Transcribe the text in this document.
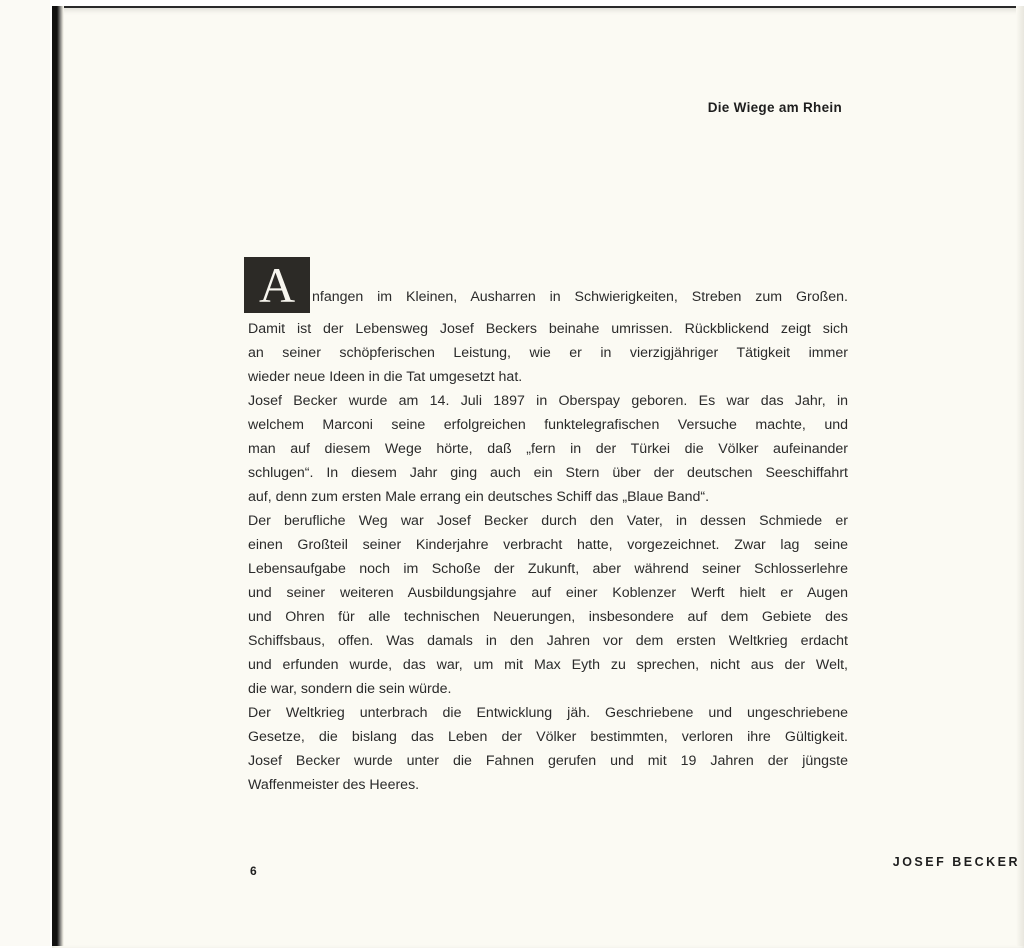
Die Wiege am Rhein
A	nfangen im Kleinen, Ausharren in Schwierigkeiten, Streben zum Großen.
Damit ist der Lebensweg Josef Beckers beinahe umrissen. Rückblickend zeigt sich
an seiner schöpferischen Leistung, wie er in vierzigjähriger Tätigkeit immer
wieder neue Ideen in die Tat umgesetzt hat.
Josef Becker wurde am 14. Juli 1897 in Oberspay geboren. Es war das Jahr, in
welchem Marconi seine erfolgreichen funktelegrafischen Versuche machte, und
man auf diesem Wege hörte, daß „fern in der Türkei die Völker aufeinander
schlugen“. In diesem Jahr ging auch ein Stern über der deutschen Seeschiffahrt
auf, denn zum ersten Male errang ein deutsches Schiff das „Blaue Band“.
Der berufliche Weg war Josef Becker durch den Vater, in dessen Schmiede er
einen Großteil seiner Kinderjahre verbracht hatte, vorgezeichnet. Zwar lag seine
Lebensaufgabe noch im Schoße der Zukunft, aber während seiner Schlosserlehre
und seiner weiteren Ausbildungsjahre auf einer Koblenzer Werft hielt er Augen
und Ohren für alle technischen Neuerungen, insbesondere auf dem Gebiete des
Schiffsbaus, offen. Was damals in den Jahren vor dem ersten Weltkrieg erdacht
und erfunden wurde, das war, um mit Max Eyth zu sprechen, nicht aus der Welt,
die war, sondern die sein würde.
Der Weltkrieg unterbrach die Entwicklung jäh. Geschriebene und ungeschriebene
Gesetze, die bislang das Leben der Völker bestimmten, verloren ihre Gültigkeit.
Josef Becker wurde unter die Fahnen gerufen und mit 19 Jahren der jüngste
Waffenmeister des Heeres.
6
JOSEF BECKER
